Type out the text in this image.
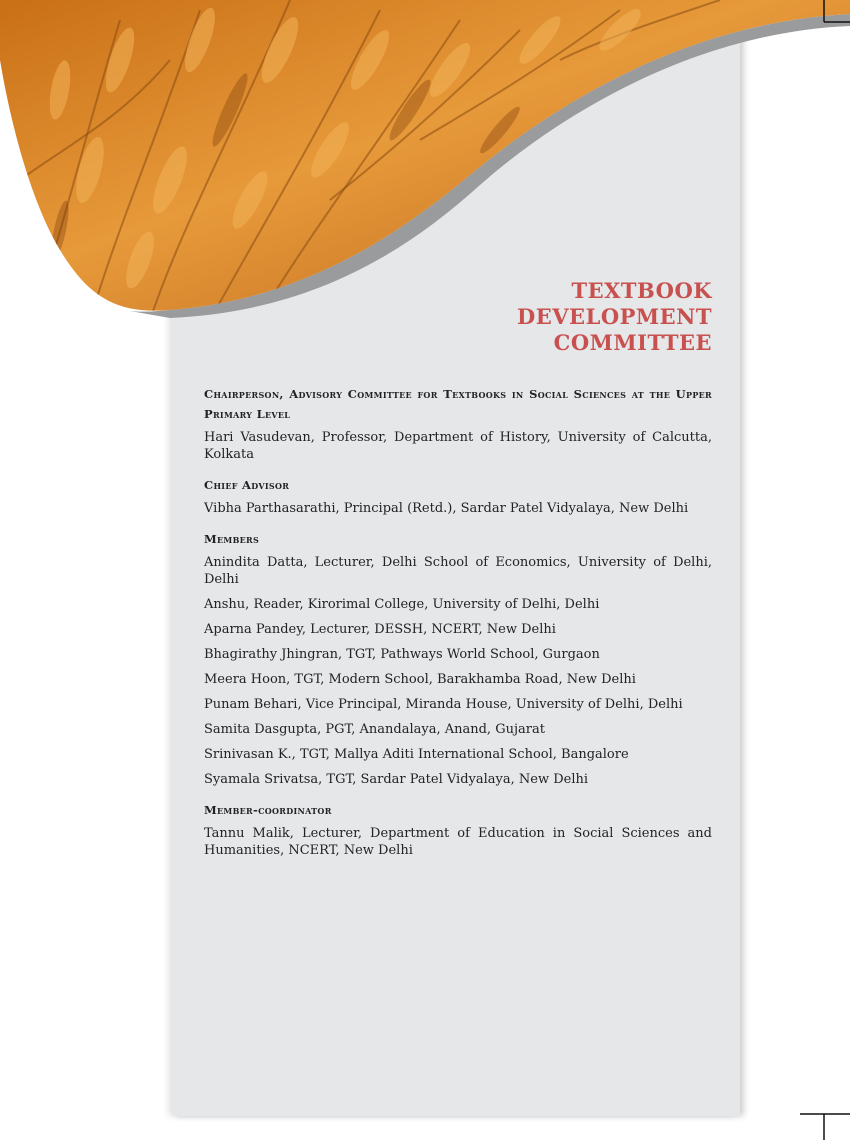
TEXTBOOK
DEVELOPMENT
COMMITTEE
Chairperson, Advisory Committee for Textbooks in Social Sciences at the Upper Primary Level
Hari Vasudevan, Professor, Department of History, University of Calcutta, Kolkata
Chief Advisor
Vibha Parthasarathi, Principal (Retd.), Sardar Patel Vidyalaya, New Delhi
Members
Anindita Datta, Lecturer, Delhi School of Economics, University of Delhi, Delhi
Anshu, Reader, Kirorimal College, University of Delhi, Delhi
Aparna Pandey, Lecturer, DESSH, NCERT, New Delhi
Bhagirathy Jhingran, TGT, Pathways World School, Gurgaon
Meera Hoon, TGT, Modern School, Barakhamba Road, New Delhi
Punam Behari, Vice Principal, Miranda House, University of Delhi, Delhi
Samita Dasgupta, PGT, Anandalaya, Anand, Gujarat
Srinivasan K., TGT, Mallya Aditi International School, Bangalore
Syamala Srivatsa, TGT, Sardar Patel Vidyalaya, New Delhi
Member-coordinator
Tannu Malik, Lecturer, Department of Education in Social Sciences and Humanities, NCERT, New Delhi
